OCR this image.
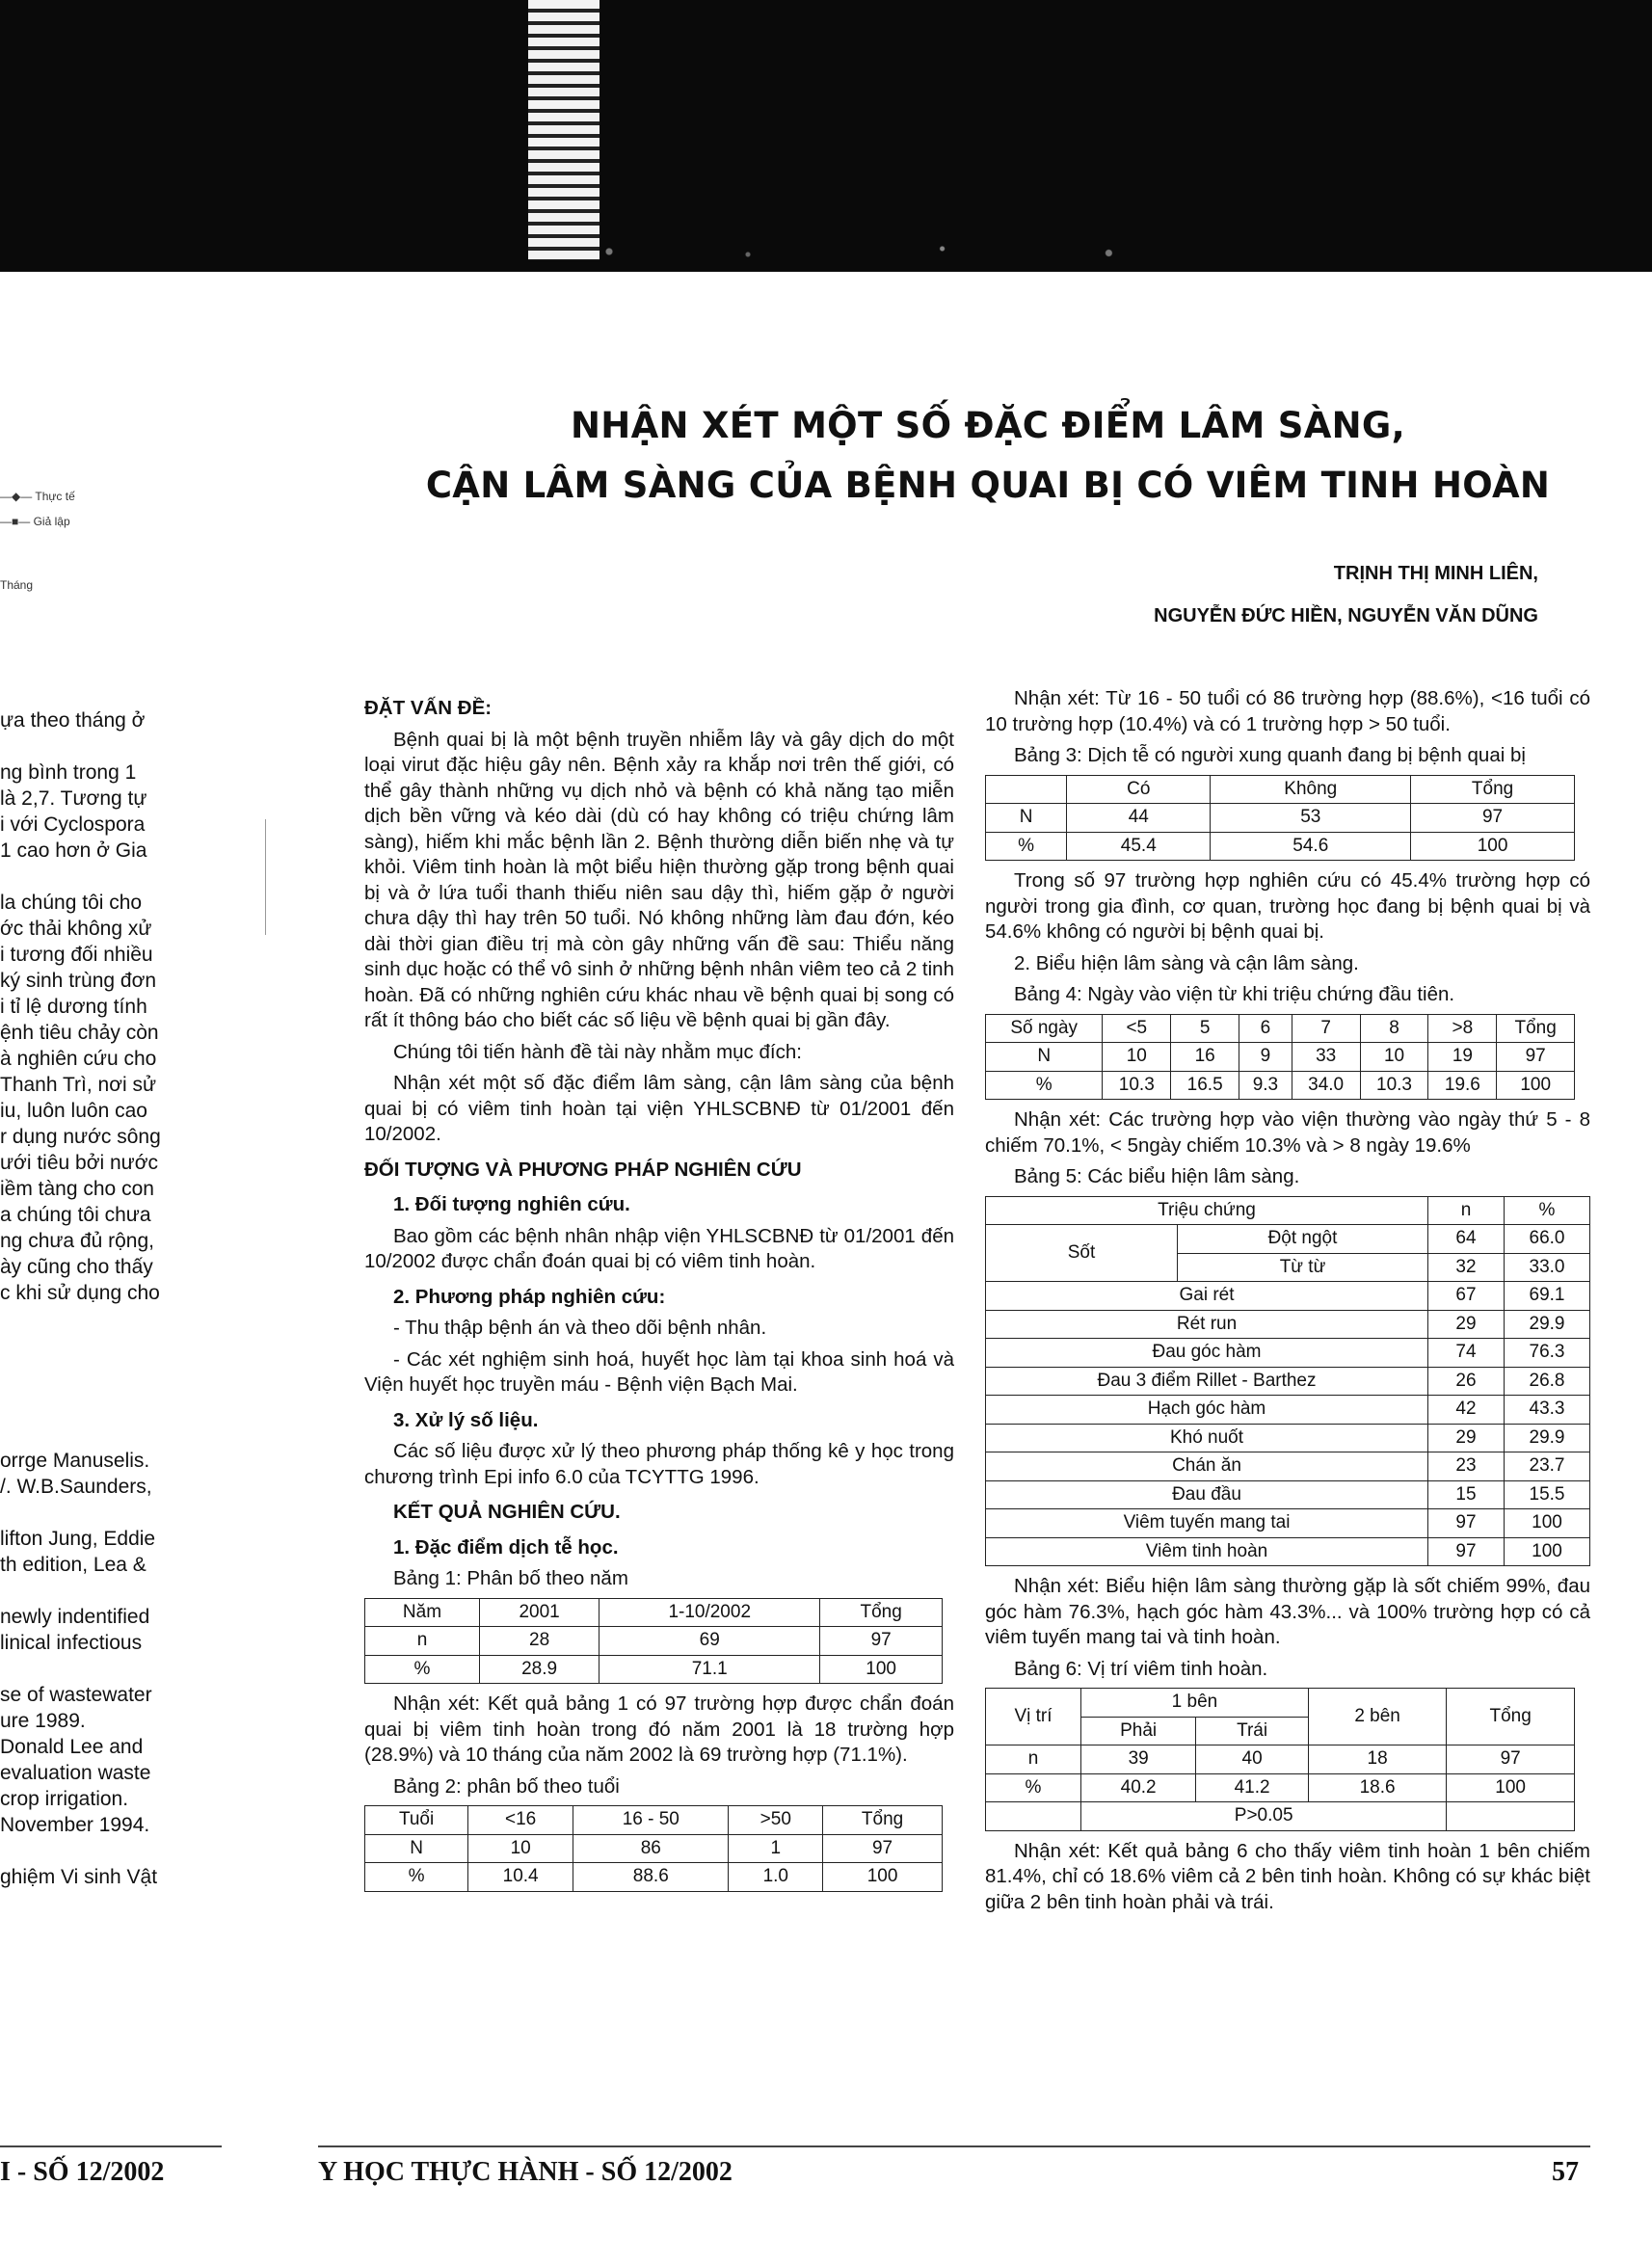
—◆— Thực tế
—■— Giả lập
Tháng
ựa theo tháng ở
ng bình trong 1
là 2,7. Tương tự
i với Cyclospora
1 cao hơn ở Gia
la chúng tôi cho
ớc thải không xử
i tương đối nhiều
ký sinh trùng đơn
i tỉ lệ dương tính
ệnh tiêu chảy còn
à nghiên cứu cho
Thanh Trì, nơi sử
iu, luôn luôn cao
r dụng nước sông
ưới tiêu bởi nước
iềm tàng cho con
a chúng tôi chưa
ng chưa đủ rộng,
ày cũng cho thấy
c khi sử dụng cho
orrge Manuselis.
/. W.B.Saunders,
lifton Jung, Eddie
th edition, Lea &
newly indentified
linical infectious
se of wastewater
ure 1989.
Donald Lee and
evaluation waste
crop irrigation.
November 1994.
ghiệm Vi sinh Vật
I - SỐ 12/2002
NHẬN XÉT MỘT SỐ ĐẶC ĐIỂM LÂM SÀNG,
CẬN LÂM SÀNG CỦA BỆNH QUAI BỊ CÓ VIÊM TINH HOÀN
TRỊNH THỊ MINH LIÊN,
NGUYỄN ĐỨC HIỀN, NGUYỄN VĂN DŨNG
ĐẶT VẤN ĐỀ:

Bệnh quai bị là một bệnh truyền nhiễm lây và gây dịch do một loại virut đặc hiệu gây nên. Bệnh xảy ra khắp nơi trên thế giới, có thể gây thành những vụ dịch nhỏ và bệnh có khả năng tạo miễn dịch bền vững và kéo dài (dù có hay không có triệu chứng lâm sàng), hiếm khi mắc bệnh lần 2. Bệnh thường diễn biến nhẹ và tự khỏi. Viêm tinh hoàn là một biểu hiện thường gặp trong bệnh quai bị và ở lứa tuổi thanh thiếu niên sau dậy thì, hiếm gặp ở người chưa dậy thì hay trên 50 tuổi. Nó không những làm đau đớn, kéo dài thời gian điều trị mà còn gây những vấn đề sau: Thiểu năng sinh dục hoặc có thể vô sinh ở những bệnh nhân viêm teo cả 2 tinh hoàn. Đã có những nghiên cứu khác nhau về bệnh quai bị song có rất ít thông báo cho biết các số liệu về bệnh quai bị gần đây.

Chúng tôi tiến hành đề tài này nhằm mục đích:

Nhận xét một số đặc điểm lâm sàng, cận lâm sàng của bệnh quai bị có viêm tinh hoàn tại viện YHLSCBNĐ từ 01/2001 đến 10/2002.

ĐỐI TƯỢNG VÀ PHƯƠNG PHÁP NGHIÊN CỨU
1. Đối tượng nghiên cứu.

Bao gồm các bệnh nhân nhập viện YHLSCBNĐ từ 01/2001 đến 10/2002 được chẩn đoán quai bị có viêm tinh hoàn.

2. Phương pháp nghiên cứu:

- Thu thập bệnh án và theo dõi bệnh nhân.

- Các xét nghiệm sinh hoá, huyết học làm tại khoa sinh hoá và Viện huyết học truyền máu - Bệnh viện Bạch Mai.

3. Xử lý số liệu.

Các số liệu được xử lý theo phương pháp thống kê y học trong chương trình Epi info 6.0 của TCYTTG 1996.

KẾT QUẢ NGHIÊN CỨU.
1. Đặc điểm dịch tễ học.

Bảng 1: Phân bố theo năm

Năm	2001	1-10/2002	Tổng
n	28	69	97
%	28.9	71.1	100

Nhận xét: Kết quả bảng 1 có 97 trường hợp được chẩn đoán quai bị viêm tinh hoàn trong đó năm 2001 là 18 trường hợp (28.9%) và 10 tháng của năm 2002 là 69 trường hợp (71.1%).

Bảng 2: phân bố theo tuổi

Tuổi	<16	16 - 50	>50	Tổng
N	10	86	1	97
%	10.4	88.6	1.0	100

Nhận xét: Từ 16 - 50 tuổi có 86 trường hợp (88.6%), <16 tuổi có 10 trường hợp (10.4%) và có 1 trường hợp > 50 tuổi.

Bảng 3: Dịch tễ có người xung quanh đang bị bệnh quai bị

	Có	Không	Tổng
N	44	53	97
%	45.4	54.6	100

Trong số 97 trường hợp nghiên cứu có 45.4% trường hợp có người trong gia đình, cơ quan, trường học đang bị bệnh quai bị và 54.6% không có người bị bệnh quai bị.

2. Biểu hiện lâm sàng và cận lâm sàng.

Bảng 4: Ngày vào viện từ khi triệu chứng đầu tiên.

Số ngày	<5	5	6	7	8	>8	Tổng
N	10	16	9	33	10	19	97
%	10.3	16.5	9.3	34.0	10.3	19.6	100

Nhận xét: Các trường hợp vào viện thường vào ngày thứ 5 - 8 chiếm 70.1%, < 5ngày chiếm 10.3% và > 8 ngày 19.6%

Bảng 5: Các biểu hiện lâm sàng.

Triệu chứng		n	%
Sốt	Đột ngột	64	66.0
	Từ từ	32	33.0
Gai rét		67	69.1
Rét run		29	29.9
Đau góc hàm		74	76.3
Đau 3 điểm Rillet - Barthez		26	26.8
Hạch góc hàm		42	43.3
Khó nuốt		29	29.9
Chán ăn		23	23.7
Đau đầu		15	15.5
Viêm tuyến mang tai		97	100
Viêm tinh hoàn		97	100

Nhận xét: Biểu hiện lâm sàng thường gặp là sốt chiếm 99%, đau góc hàm 76.3%, hạch góc hàm 43.3%... và 100% trường hợp có cả viêm tuyến mang tai và tinh hoàn.

Bảng 6: Vị trí viêm tinh hoàn.

Vị trí	1 bên		2 bên	Tổng
	Phải	Trái		
n	39	40	18	97
%	40.2	41.2	18.6	100
	P>0.05			

Nhận xét: Kết quả bảng 6 cho thấy viêm tinh hoàn 1 bên chiếm 81.4%, chỉ có 18.6% viêm cả 2 bên tinh hoàn. Không có sự khác biệt giữa 2 bên tinh hoàn phải và trái.

Y HỌC THỰC HÀNH - SỐ 12/2002	57
